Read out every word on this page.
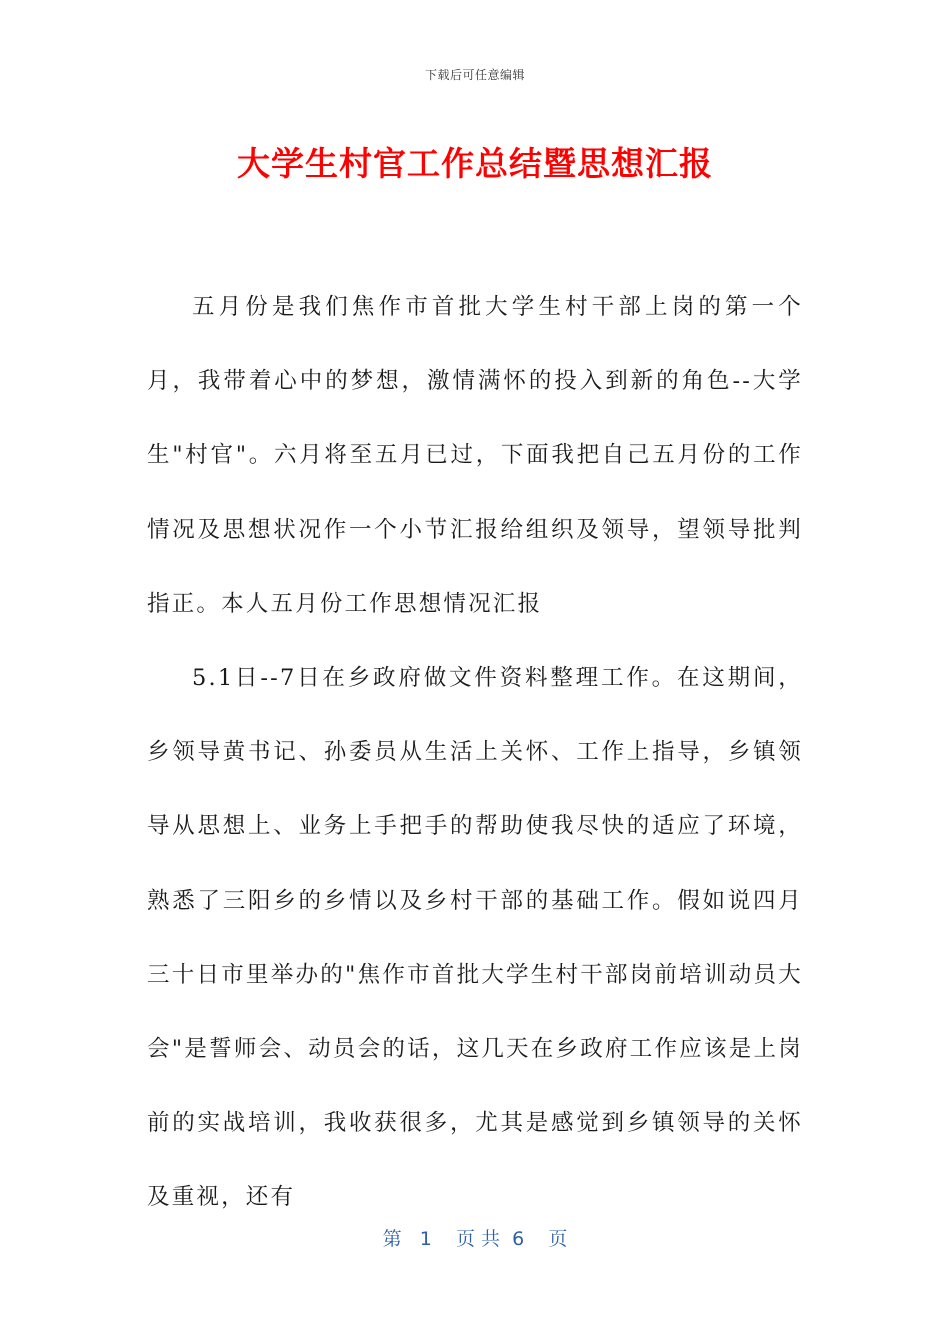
下载后可任意编辑
大学生村官工作总结暨思想汇报

五月份是我们焦作市首批大学生村干部上岗的第一个月，我带着心中的梦想，激情满怀的投入到新的角色--大学生"村官"。六月将至五月已过，下面我把自己五月份的工作情况及思想状况作一个小节汇报给组织及领导，望领导批判指正。本人五月份工作思想情况汇报

5.1日--7日在乡政府做文件资料整理工作。在这期间，乡领导黄书记、孙委员从生活上关怀、工作上指导，乡镇领导从思想上、业务上手把手的帮助使我尽快的适应了环境，熟悉了三阳乡的乡情以及乡村干部的基础工作。假如说四月三十日市里举办的"焦作市首批大学生村干部岗前培训动员大会"是誓师会、动员会的话，这几天在乡政府工作应该是上岗前的实战培训，我收获很多，尤其是感觉到乡镇领导的关怀及重视，还有

第   1    页 共  6    页
